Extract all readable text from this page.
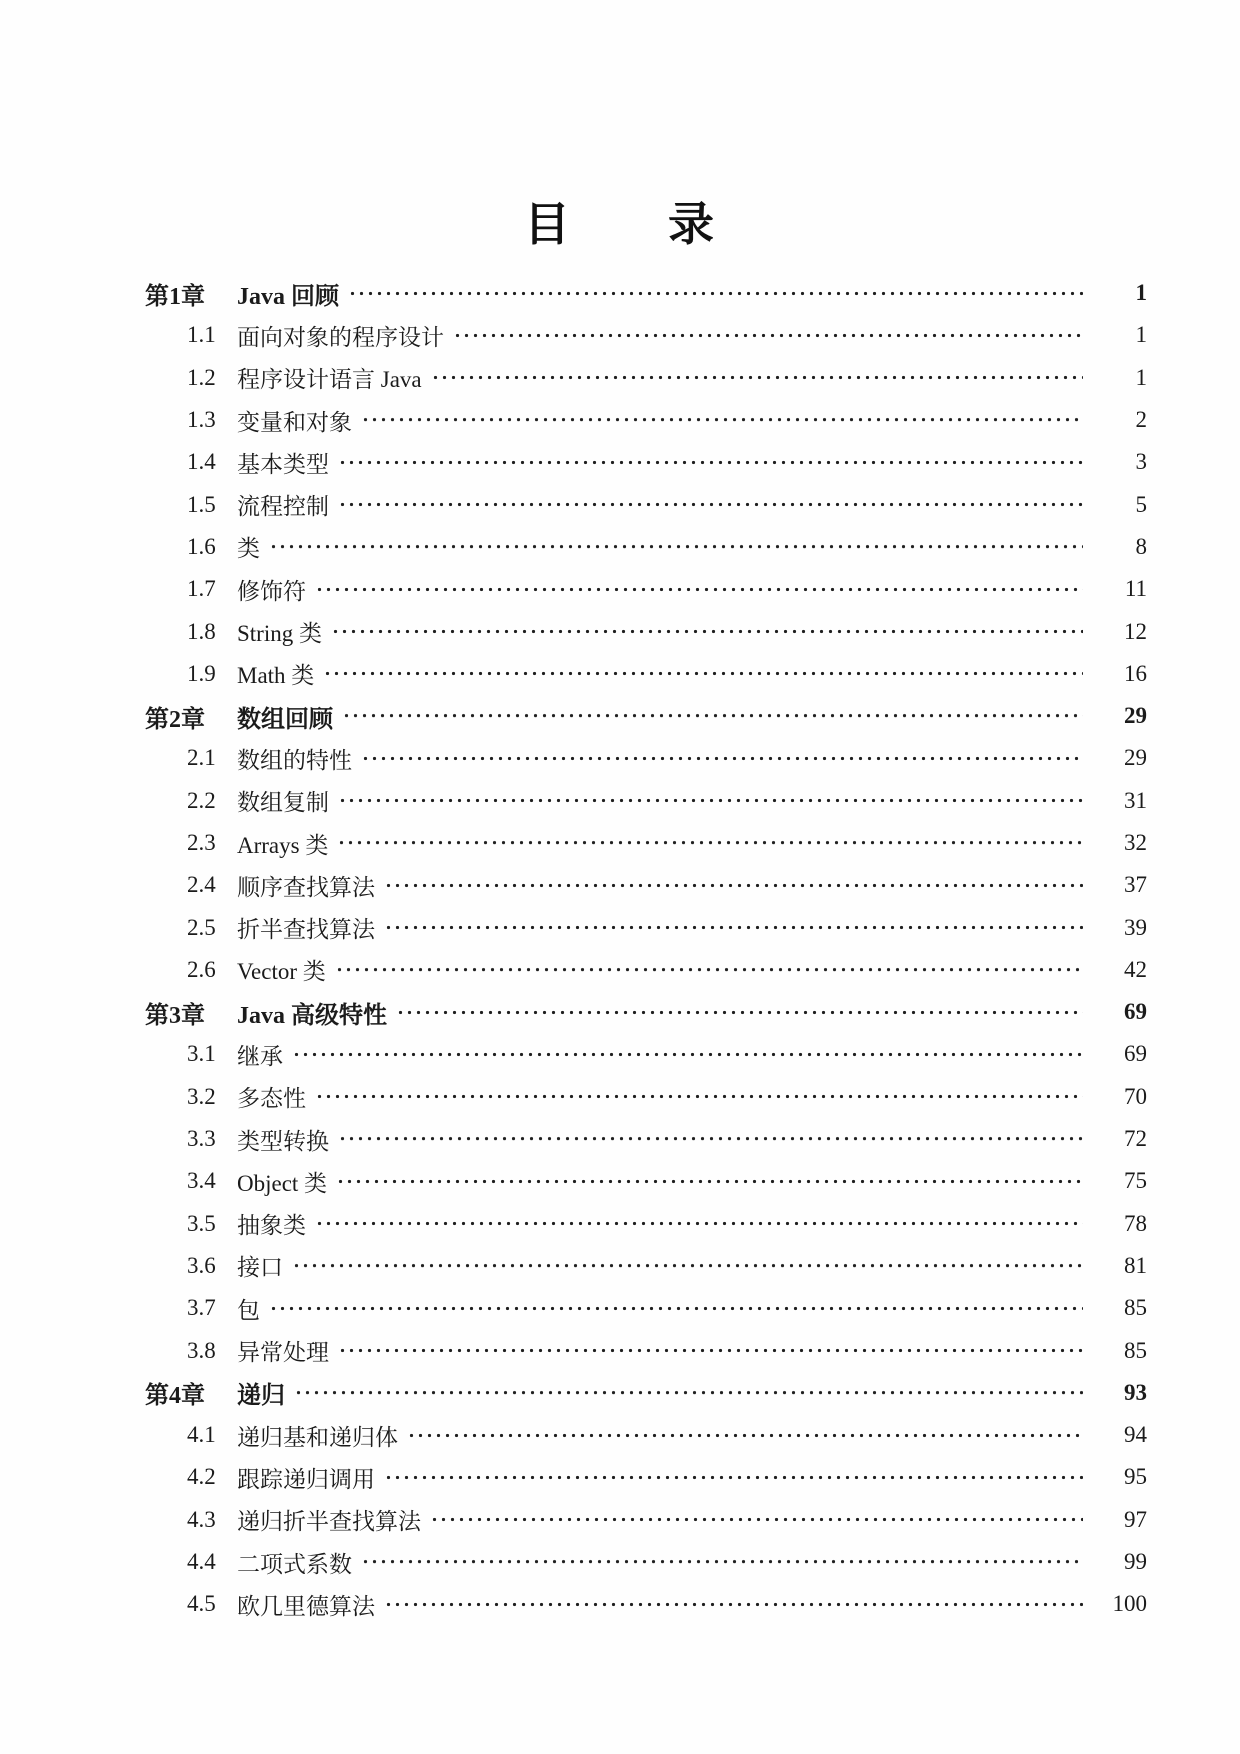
目　　录
第1章	Java 回顾	1
1.1 面向对象的程序设计	1
1.2 程序设计语言 Java	1
1.3 变量和对象	2
1.4 基本类型	3
1.5 流程控制	5
1.6 类	8
1.7 修饰符	11
1.8 String 类	12
1.9 Math 类	16
第2章	数组回顾	29
2.1 数组的特性	29
2.2 数组复制	31
2.3 Arrays 类	32
2.4 顺序查找算法	37
2.5 折半查找算法	39
2.6 Vector 类	42
第3章	Java 高级特性	69
3.1 继承	69
3.2 多态性	70
3.3 类型转换	72
3.4 Object 类	75
3.5 抽象类	78
3.6 接口	81
3.7 包	85
3.8 异常处理	85
第4章	递归	93
4.1 递归基和递归体	94
4.2 跟踪递归调用	95
4.3 递归折半查找算法	97
4.4 二项式系数	99
4.5 欧几里德算法	100
